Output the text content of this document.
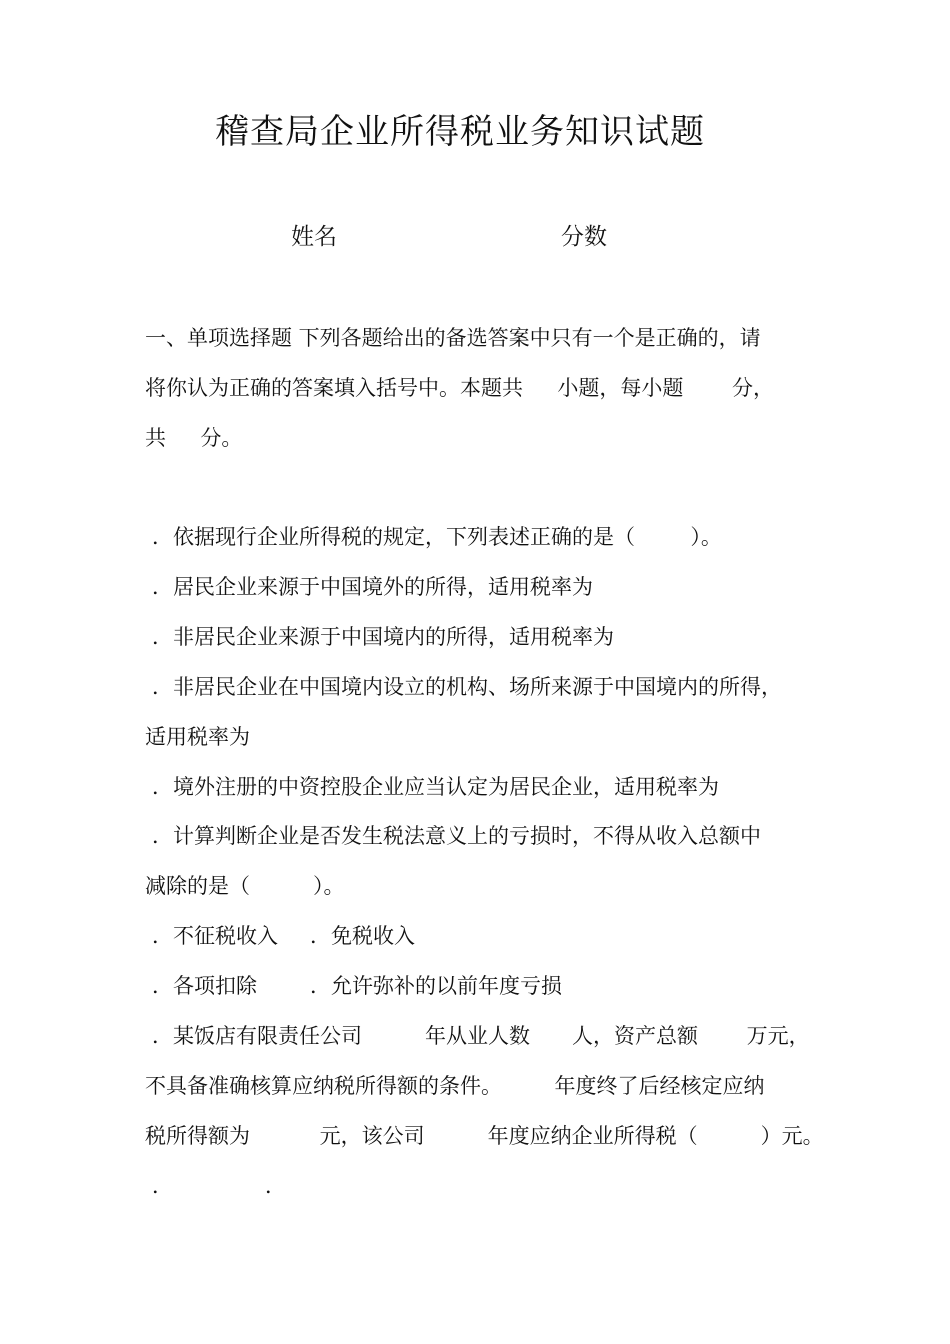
稽查局企业所得税业务知识试题
姓名	分数
一、单项选择题 下列各题给出的备选答案中只有一个是正确的，请
将你认为正确的答案填入括号中。本题共　  小题，每小题　　 分，
共　  分。
．依据现行企业所得税的规定，下列表述正确的是（　　  ）。
．居民企业来源于中国境外的所得，适用税率为
．非居民企业来源于中国境内的所得，适用税率为
．非居民企业在中国境内设立的机构、场所来源于中国境内的所得，
适用税率为
．境外注册的中资控股企业应当认定为居民企业，适用税率为
．计算判断企业是否发生税法意义上的亏损时，不得从收入总额中
减除的是（　　　）。
．不征税收入 ．免税收入
．各项扣除	．允许弥补的以前年度亏损
．某饭店有限责任公司　　　年从业人数　　人，资产总额　　 万元，
不具备准确核算应纳税所得额的条件。　　　年度终了后经核定应纳
税所得额为　　　 元，该公司　　　年度应纳企业所得税（　　　）元。
．	．
